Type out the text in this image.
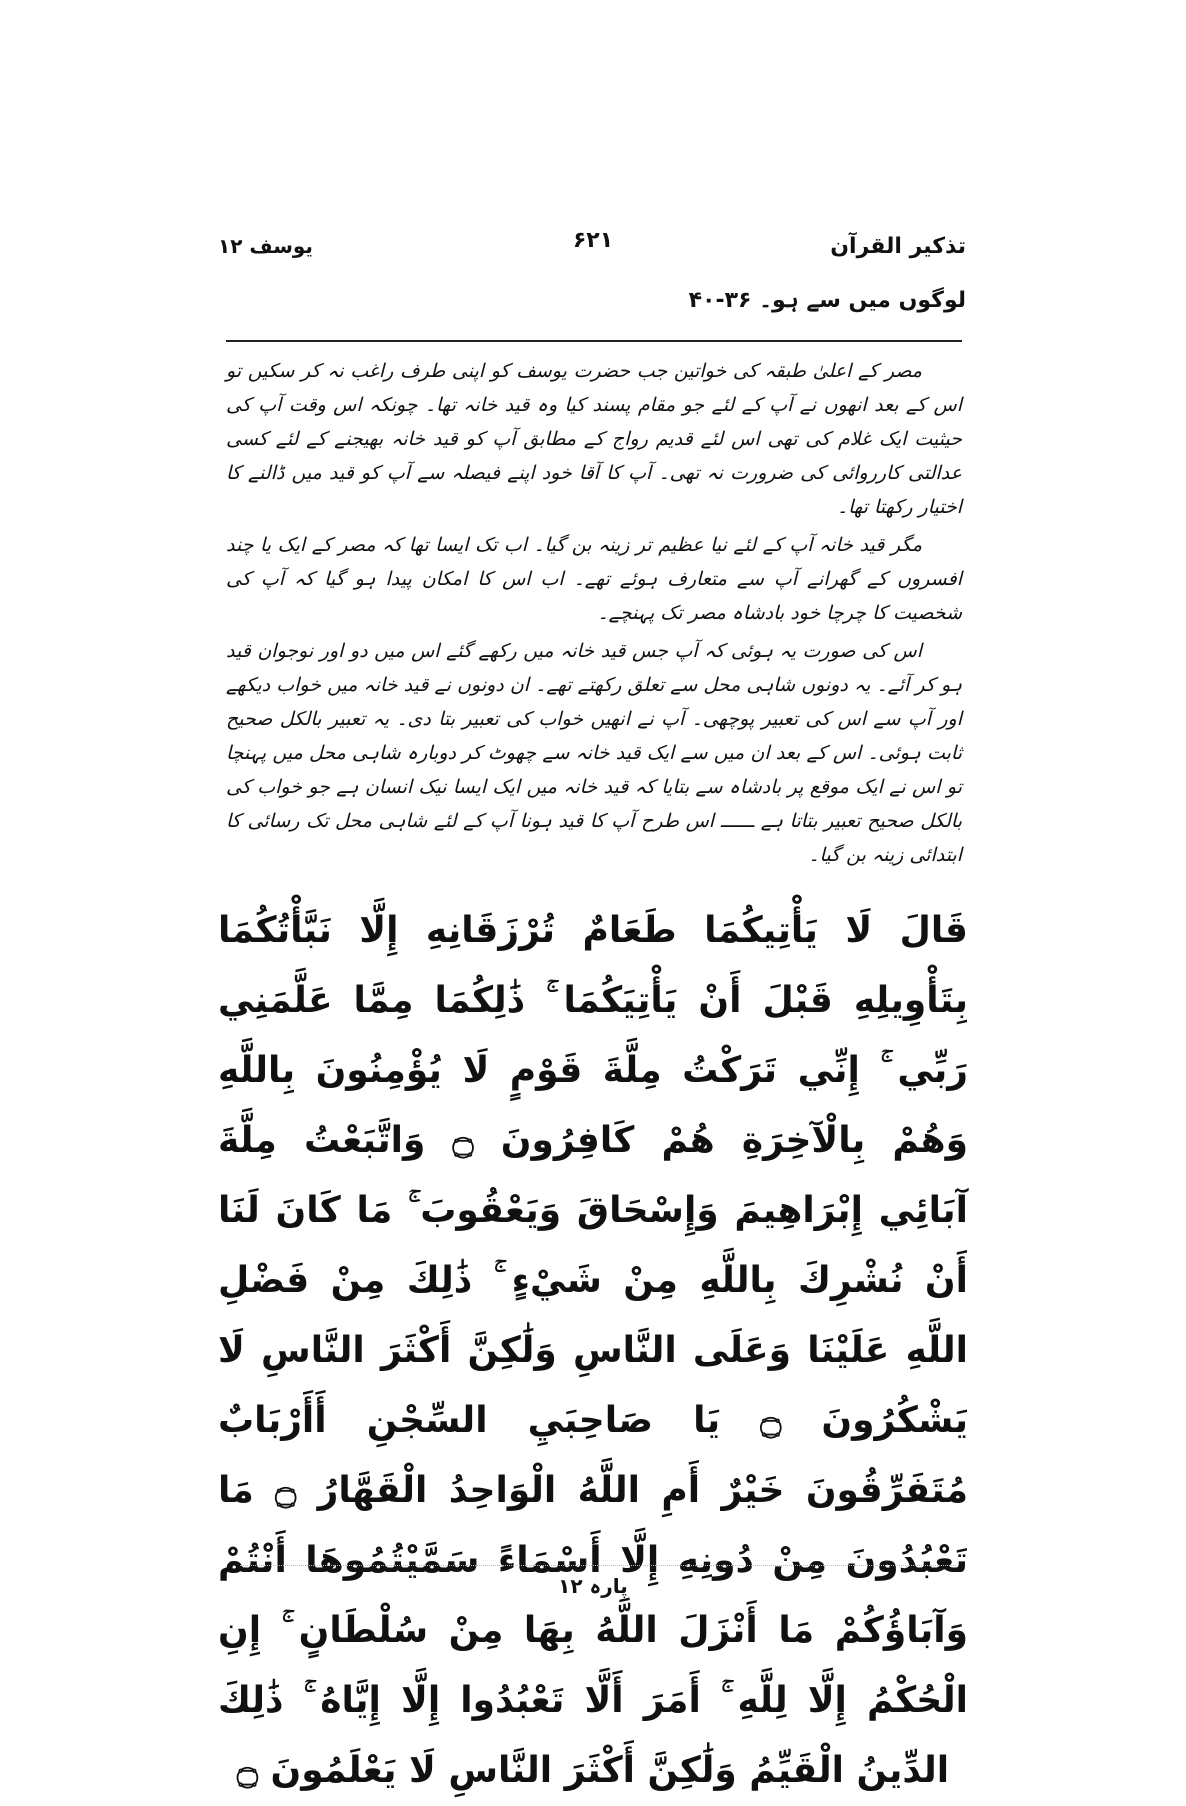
یوسف ۱۲	۶۲۱	تذکیر القرآن
لوگوں میں سے ہو۔ ۳۶-۴۰

مصر کے اعلیٰ طبقہ کی خواتین جب حضرت یوسف کو اپنی طرف راغب نہ کر سکیں تو اس کے بعد انھوں نے آپ کے لئے جو مقام پسند کیا وہ قید خانہ تھا۔ چونکہ اس وقت آپ کی حیثیت ایک غلام کی تھی اس لئے قدیم رواج کے مطابق آپ کو قید خانہ بھیجنے کے لئے کسی عدالتی کارروائی کی ضرورت نہ تھی۔ آپ کا آقا خود اپنے فیصلہ سے آپ کو قید میں ڈالنے کا اختیار رکھتا تھا۔

مگر قید خانہ آپ کے لئے نیا عظیم تر زینہ بن گیا۔ اب تک ایسا تھا کہ مصر کے ایک یا چند افسروں کے گھرانے آپ سے متعارف ہوئے تھے۔ اب اس کا امکان پیدا ہو گیا کہ آپ کی شخصیت کا چرچا خود بادشاہ مصر تک پہنچے۔

اس کی صورت یہ ہوئی کہ آپ جس قید خانہ میں رکھے گئے اس میں دو اور نوجوان قید ہو کر آئے۔ یہ دونوں شاہی محل سے تعلق رکھتے تھے۔ ان دونوں نے قید خانہ میں خواب دیکھے اور آپ سے اس کی تعبیر پوچھی۔ آپ نے انھیں خواب کی تعبیر بتا دی۔ یہ تعبیر بالکل صحیح ثابت ہوئی۔ اس کے بعد ان میں سے ایک قید خانہ سے چھوٹ کر دوبارہ شاہی محل میں پہنچا تو اس نے ایک موقع پر بادشاہ سے بتایا کہ قید خانہ میں ایک ایسا نیک انسان ہے جو خواب کی بالکل صحیح تعبیر بتاتا ہے ــــــ اس طرح آپ کا قید ہونا آپ کے لئے شاہی محل تک رسائی کا ابتدائی زینہ بن گیا۔

قَالَ لَا يَأْتِيكُمَا طَعَامٌ تُرْزَقَانِهِ إِلَّا نَبَّأْتُكُمَا بِتَأْوِيلِهِ قَبْلَ أَنْ يَأْتِيَكُمَا ۚ ذَٰلِكُمَا مِمَّا عَلَّمَنِي رَبِّي ۚ إِنِّي تَرَكْتُ مِلَّةَ قَوْمٍ لَا يُؤْمِنُونَ بِاللَّهِ وَهُمْ بِالْآخِرَةِ هُمْ كَافِرُونَ ۝ وَاتَّبَعْتُ مِلَّةَ آبَائِي إِبْرَاهِيمَ وَإِسْحَاقَ وَيَعْقُوبَ ۚ مَا كَانَ لَنَا أَنْ نُشْرِكَ بِاللَّهِ مِنْ شَيْءٍ ۚ ذَٰلِكَ مِنْ فَضْلِ اللَّهِ عَلَيْنَا وَعَلَى النَّاسِ وَلَٰكِنَّ أَكْثَرَ النَّاسِ لَا يَشْكُرُونَ ۝ يَا صَاحِبَيِ السِّجْنِ أَأَرْبَابٌ مُتَفَرِّقُونَ خَيْرٌ أَمِ اللَّهُ الْوَاحِدُ الْقَهَّارُ ۝ مَا تَعْبُدُونَ مِنْ دُونِهِ إِلَّا أَسْمَاءً سَمَّيْتُمُوهَا أَنْتُمْ وَآبَاؤُكُمْ مَا أَنْزَلَ اللَّهُ بِهَا مِنْ سُلْطَانٍ ۚ إِنِ الْحُكْمُ إِلَّا لِلَّهِ ۚ أَمَرَ أَلَّا تَعْبُدُوا إِلَّا إِيَّاهُ ۚ ذَٰلِكَ الدِّينُ الْقَيِّمُ وَلَٰكِنَّ أَكْثَرَ النَّاسِ لَا يَعْلَمُونَ ۝
پارہ ۱۲
